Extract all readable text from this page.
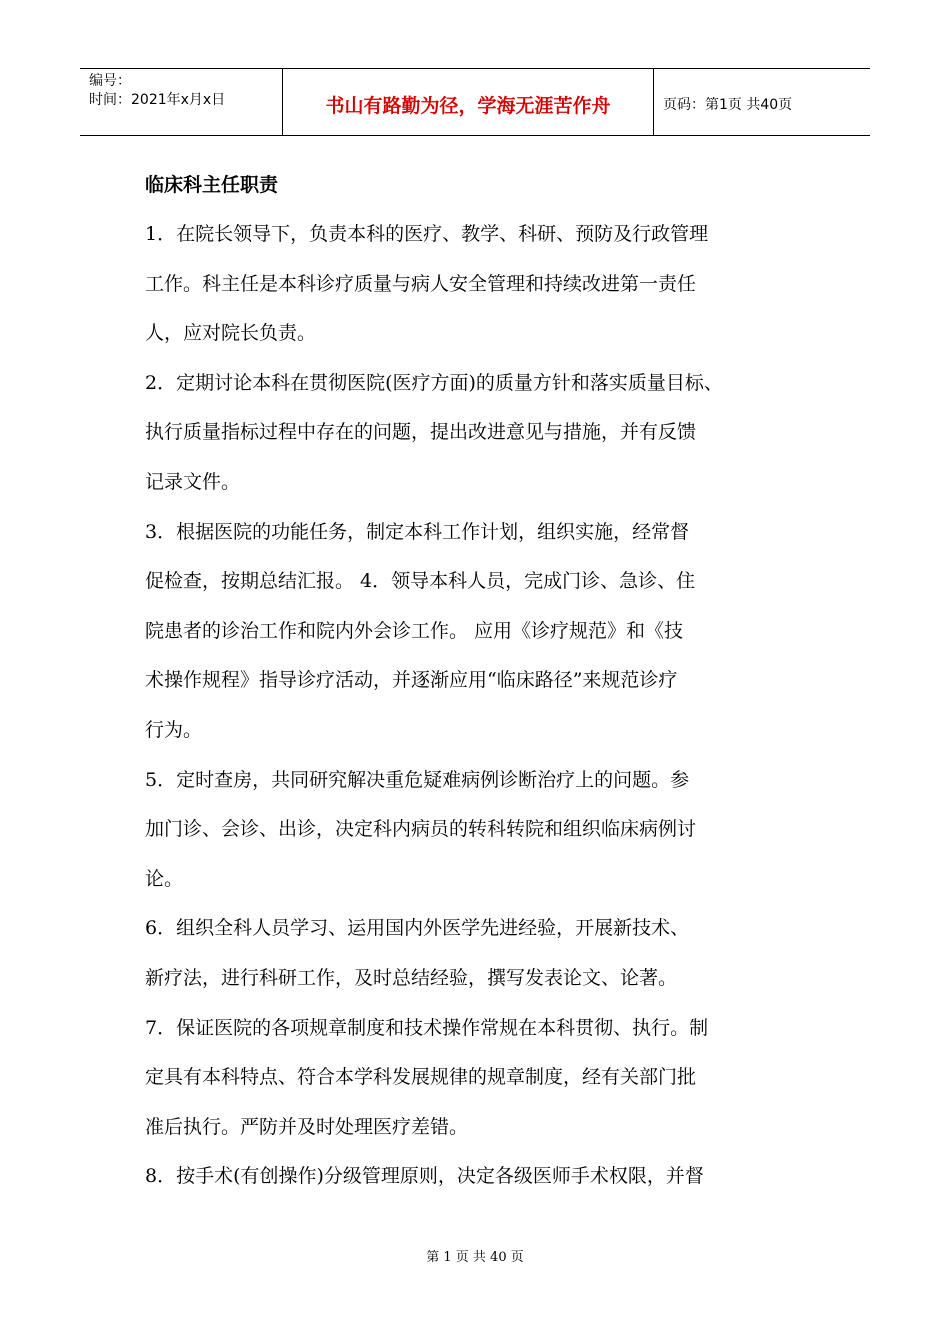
编号：
时间：2021年x月x日	书山有路勤为径，学海无涯苦作舟	页码：第1页 共40页
临床科主任职责
1．在院长领导下，负责本科的医疗、教学、科研、预防及行政管理
工作。科主任是本科诊疗质量与病人安全管理和持续改进第一责任
人，应对院长负责。
2．定期讨论本科在贯彻医院(医疗方面)的质量方针和落实质量目标、
执行质量指标过程中存在的问题，提出改进意见与措施，并有反馈
记录文件。
3．根据医院的功能任务，制定本科工作计划，组织实施，经常督
促检查，按期总结汇报。 4．领导本科人员，完成门诊、急诊、住
院患者的诊治工作和院内外会诊工作。 应用《诊疗规范》和《技
术操作规程》指导诊疗活动，并逐渐应用“临床路径”来规范诊疗
行为。
5．定时查房，共同研究解决重危疑难病例诊断治疗上的问题。参
加门诊、会诊、出诊，决定科内病员的转科转院和组织临床病例讨
论。
6．组织全科人员学习、运用国内外医学先进经验，开展新技术、
新疗法，进行科研工作，及时总结经验，撰写发表论文、论著。
7．保证医院的各项规章制度和技术操作常规在本科贯彻、执行。制
定具有本科特点、符合本学科发展规律的规章制度，经有关部门批
准后执行。严防并及时处理医疗差错。
8．按手术(有创操作)分级管理原则，决定各级医师手术权限，并督
第 1 页 共 40 页
